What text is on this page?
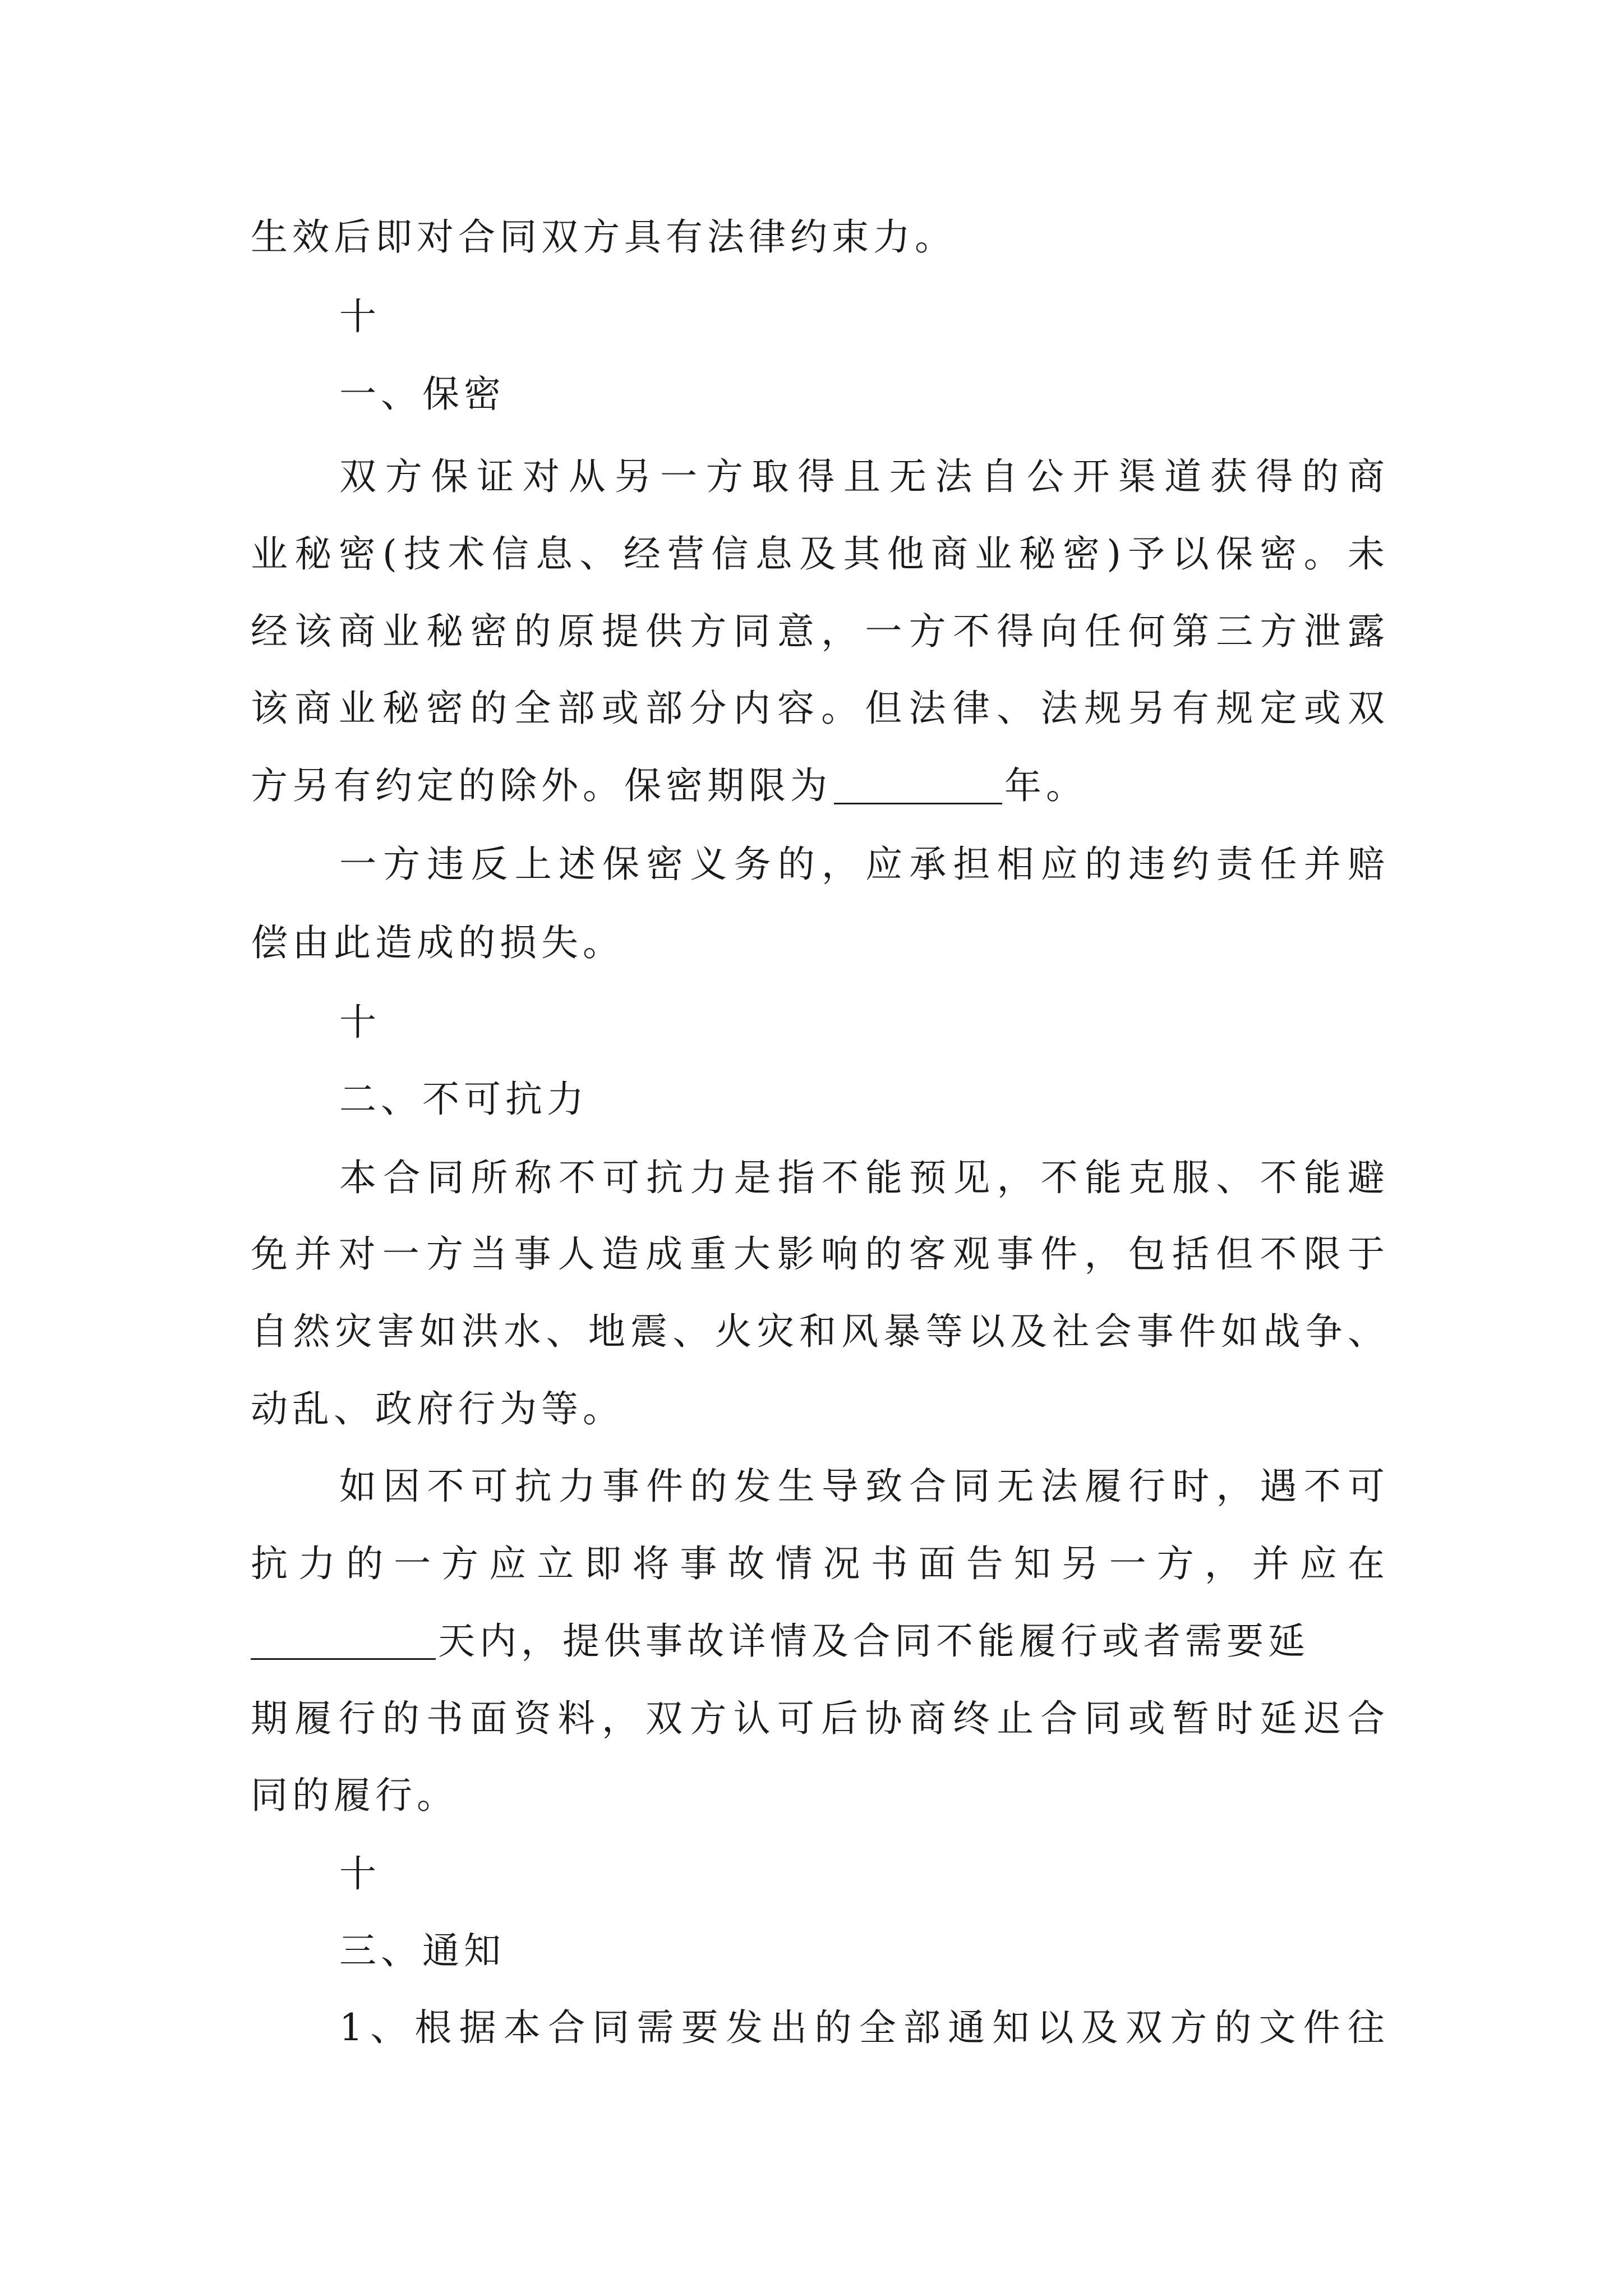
生效后即对合同双方具有法律约束力。
十
一、保密
双方保证对从另一方取得且无法自公开渠道获得的商
业秘密(技术信息、经营信息及其他商业秘密)予以保密。未
经该商业秘密的原提供方同意，一方不得向任何第三方泄露
该商业秘密的全部或部分内容。但法律、法规另有规定或双
方另有约定的除外。保密期限为	年。
一方违反上述保密义务的，应承担相应的违约责任并赔
偿由此造成的损失。
十
二、不可抗力
本合同所称不可抗力是指不能预见，不能克服、不能避
免并对一方当事人造成重大影响的客观事件，包括但不限于
自然灾害如洪水、地震、火灾和风暴等以及社会事件如战争、
动乱、政府行为等。
如因不可抗力事件的发生导致合同无法履行时，遇不可
抗力的一方应立即将事故情况书面告知另一方，并应在
天内，提供事故详情及合同不能履行或者需要延
期履行的书面资料，双方认可后协商终止合同或暂时延迟合
同的履行。
十
三、通知
1、根据本合同需要发出的全部通知以及双方的文件往
